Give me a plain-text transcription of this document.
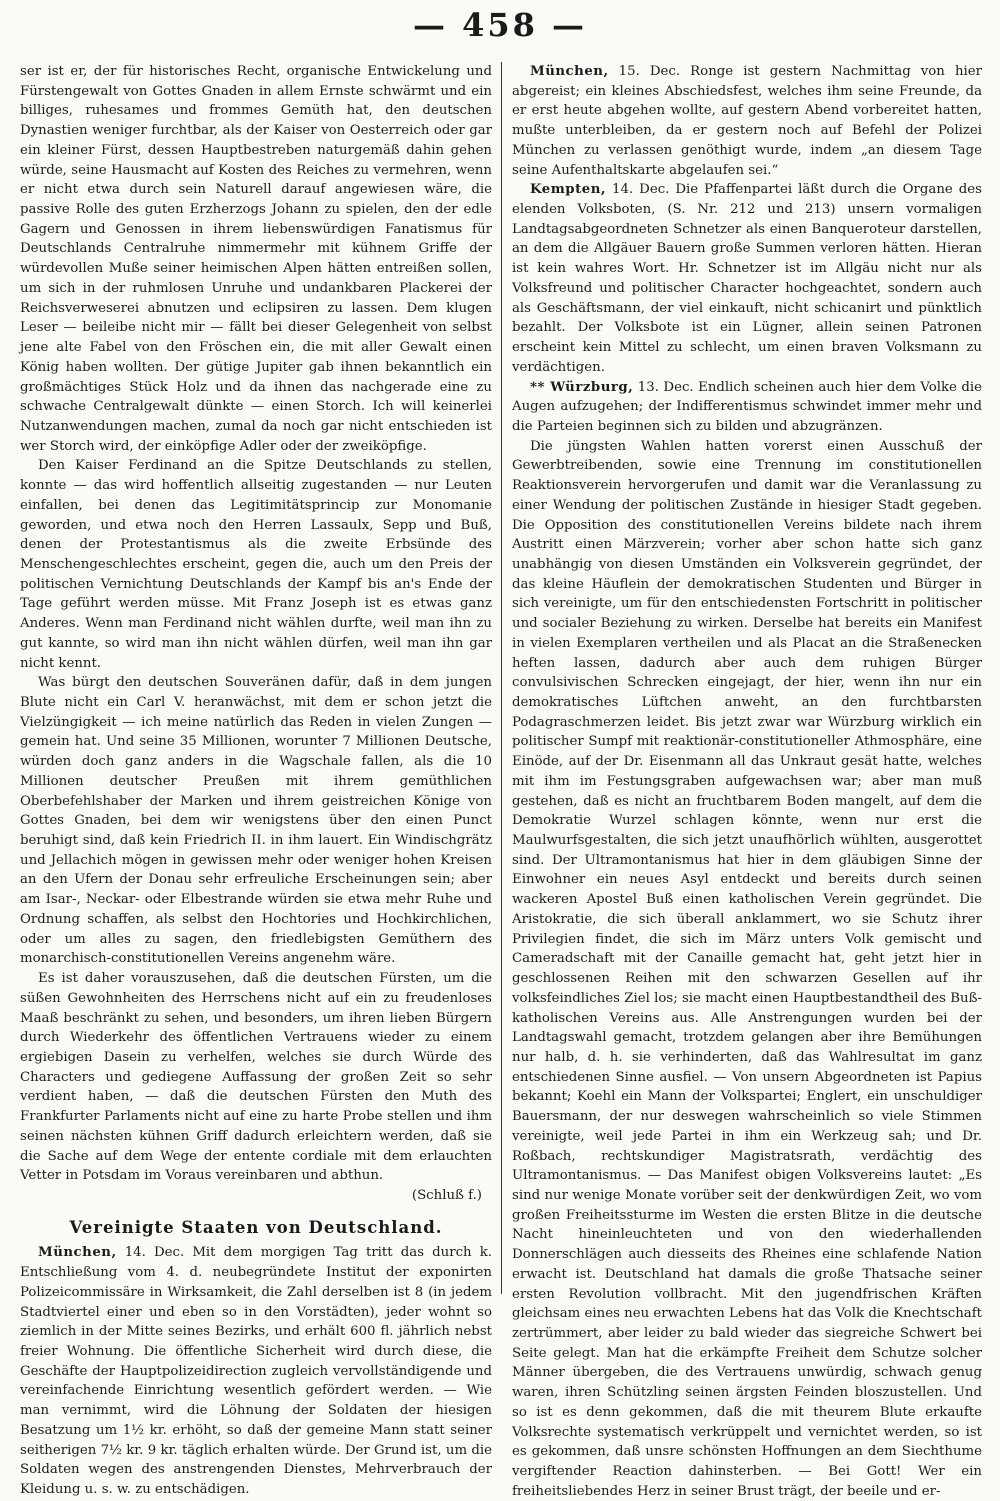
— 458 —

ser ist er, der für historisches Recht, organische Entwickelung und Fürstengewalt von Gottes Gnaden in allem Ernste schwärmt und ein billiges, ruhesames und frommes Gemüth hat, den deutschen Dynastien weniger furchtbar, als der Kaiser von Oesterreich oder gar ein kleiner Fürst, dessen Hauptbestreben naturgemäß dahin gehen würde, seine Hausmacht auf Kosten des Reiches zu vermehren, wenn er nicht etwa durch sein Naturell darauf angewiesen wäre, die passive Rolle des guten Erzherzogs Johann zu spielen, den der edle Gagern und Genossen in ihrem liebenswürdigen Fanatismus für Deutschlands Centralruhe nimmermehr mit kühnem Griffe der würdevollen Muße seiner heimischen Alpen hätten entreißen sollen, um sich in der ruhmlosen Unruhe und undankbaren Plackerei der Reichsverweserei abnutzen und eclipsiren zu lassen. Dem klugen Leser — beileibe nicht mir — fällt bei dieser Gelegenheit von selbst jene alte Fabel von den Fröschen ein, die mit aller Gewalt einen König haben wollten. Der gütige Jupiter gab ihnen bekanntlich ein großmächtiges Stück Holz und da ihnen das nachgerade eine zu schwache Centralgewalt dünkte — einen Storch. Ich will keinerlei Nutzanwendungen machen, zumal da noch gar nicht entschieden ist wer Storch wird, der einköpfige Adler oder der zweiköpfige.

Den Kaiser Ferdinand an die Spitze Deutschlands zu stellen, konnte — das wird hoffentlich allseitig zugestanden — nur Leuten einfallen, bei denen das Legitimitätsprincip zur Monomanie geworden, und etwa noch den Herren Lassaulx, Sepp und Buß, denen der Protestantismus als die zweite Erbsünde des Menschengeschlechtes erscheint, gegen die, auch um den Preis der politischen Vernichtung Deutschlands der Kampf bis an's Ende der Tage geführt werden müsse. Mit Franz Joseph ist es etwas ganz Anderes. Wenn man Ferdinand nicht wählen durfte, weil man ihn zu gut kannte, so wird man ihn nicht wählen dürfen, weil man ihn gar nicht kennt.

Was bürgt den deutschen Souveränen dafür, daß in dem jungen Blute nicht ein Carl V. heranwächst, mit dem er schon jetzt die Vielzüngigkeit — ich meine natürlich das Reden in vielen Zungen — gemein hat. Und seine 35 Millionen, worunter 7 Millionen Deutsche, würden doch ganz anders in die Wagschale fallen, als die 10 Millionen deutscher Preußen mit ihrem gemüthlichen Oberbefehlshaber der Marken und ihrem geistreichen Könige von Gottes Gnaden, bei dem wir wenigstens über den einen Punct beruhigt sind, daß kein Friedrich II. in ihm lauert. Ein Windischgrätz und Jellachich mögen in gewissen mehr oder weniger hohen Kreisen an den Ufern der Donau sehr erfreuliche Erscheinungen sein; aber am Isar-, Neckar- oder Elbestrande würden sie etwa mehr Ruhe und Ordnung schaffen, als selbst den Hochtories und Hochkirchlichen, oder um alles zu sagen, den friedlebigsten Gemüthern des monarchisch-constitutionellen Vereins angenehm wäre.

Es ist daher vorauszusehen, daß die deutschen Fürsten, um die süßen Gewohnheiten des Herrschens nicht auf ein zu freudenloses Maaß beschränkt zu sehen, und besonders, um ihren lieben Bürgern durch Wiederkehr des öffentlichen Vertrauens wieder zu einem ergiebigen Dasein zu verhelfen, welches sie durch Würde des Characters und gediegene Auffassung der großen Zeit so sehr verdient haben, — daß die deutschen Fürsten den Muth des Frankfurter Parlaments nicht auf eine zu harte Probe stellen und ihm seinen nächsten kühnen Griff dadurch erleichtern werden, daß sie die Sache auf dem Wege der entente cordiale mit dem erlauchten Vetter in Potsdam im Voraus vereinbaren und abthun.

(Schluß f.)

Vereinigte Staaten von Deutschland.

München, 14. Dec. Mit dem morgigen Tag tritt das durch k. Entschließung vom 4. d. neubegründete Institut der exponirten Polizeicommissäre in Wirksamkeit, die Zahl derselben ist 8 (in jedem Stadtviertel einer und eben so in den Vorstädten), jeder wohnt so ziemlich in der Mitte seines Bezirks, und erhält 600 fl. jährlich nebst freier Wohnung. Die öffentliche Sicherheit wird durch diese, die Geschäfte der Hauptpolizeidirection zugleich vervollständigende und vereinfachende Einrichtung wesentlich gefördert werden. — Wie man vernimmt, wird die Löhnung der Soldaten der hiesigen Besatzung um 1½ kr. erhöht, so daß der gemeine Mann statt seiner seitherigen 7½ kr. 9 kr. täglich erhalten würde. Der Grund ist, um die Soldaten wegen des anstrengenden Dienstes, Mehrverbrauch der Kleidung u. s. w. zu entschädigen.

München, 15. Dec. Ronge ist gestern Nachmittag von hier abgereist; ein kleines Abschiedsfest, welches ihm seine Freunde, da er erst heute abgehen wollte, auf gestern Abend vorbereitet hatten, mußte unterbleiben, da er gestern noch auf Befehl der Polizei München zu verlassen genöthigt wurde, indem „an diesem Tage seine Aufenthaltskarte abgelaufen sei.“

Kempten, 14. Dec. Die Pfaffenpartei läßt durch die Organe des elenden Volksboten, (S. Nr. 212 und 213) unsern vormaligen Landtagsabgeordneten Schnetzer als einen Banqueroteur darstellen, an dem die Allgäuer Bauern große Summen verloren hätten. Hieran ist kein wahres Wort. Hr. Schnetzer ist im Allgäu nicht nur als Volksfreund und politischer Character hochgeachtet, sondern auch als Geschäftsmann, der viel einkauft, nicht schicanirt und pünktlich bezahlt. Der Volksbote ist ein Lügner, allein seinen Patronen erscheint kein Mittel zu schlecht, um einen braven Volksmann zu verdächtigen.

** Würzburg, 13. Dec. Endlich scheinen auch hier dem Volke die Augen aufzugehen; der Indifferentismus schwindet immer mehr und die Parteien beginnen sich zu bilden und abzugränzen.

Die jüngsten Wahlen hatten vorerst einen Ausschuß der Gewerbtreibenden, sowie eine Trennung im constitutionellen Reaktionsverein hervorgerufen und damit war die Veranlassung zu einer Wendung der politischen Zustände in hiesiger Stadt gegeben. Die Opposition des constitutionellen Vereins bildete nach ihrem Austritt einen Märzverein; vorher aber schon hatte sich ganz unabhängig von diesen Umständen ein Volksverein gegründet, der das kleine Häuflein der demokratischen Studenten und Bürger in sich vereinigte, um für den entschiedensten Fortschritt in politischer und socialer Beziehung zu wirken. Derselbe hat bereits ein Manifest in vielen Exemplaren vertheilen und als Placat an die Straßenecken heften lassen, dadurch aber auch dem ruhigen Bürger convulsivischen Schrecken eingejagt, der hier, wenn ihn nur ein demokratisches Lüftchen anweht, an den furchtbarsten Podagraschmerzen leidet. Bis jetzt zwar war Würzburg wirklich ein politischer Sumpf mit reaktionär-constitutioneller Athmosphäre, eine Einöde, auf der Dr. Eisenmann all das Unkraut gesät hatte, welches mit ihm im Festungsgraben aufgewachsen war; aber man muß gestehen, daß es nicht an fruchtbarem Boden mangelt, auf dem die Demokratie Wurzel schlagen könnte, wenn nur erst die Maulwurfsgestalten, die sich jetzt unaufhörlich wühlten, ausgerottet sind. Der Ultramontanismus hat hier in dem gläubigen Sinne der Einwohner ein neues Asyl entdeckt und bereits durch seinen wackeren Apostel Buß einen katholischen Verein gegründet. Die Aristokratie, die sich überall anklammert, wo sie Schutz ihrer Privilegien findet, die sich im März unters Volk gemischt und Cameradschaft mit der Canaille gemacht hat, geht jetzt hier in geschlossenen Reihen mit den schwarzen Gesellen auf ihr volksfeindliches Ziel los; sie macht einen Hauptbestandtheil des Buß-katholischen Vereins aus. Alle Anstrengungen wurden bei der Landtagswahl gemacht, trotzdem gelangen aber ihre Bemühungen nur halb, d. h. sie verhinderten, daß das Wahlresultat im ganz entschiedenen Sinne ausfiel. — Von unsern Abgeordneten ist Papius bekannt; Koehl ein Mann der Volkspartei; Englert, ein unschuldiger Bauersmann, der nur deswegen wahrscheinlich so viele Stimmen vereinigte, weil jede Partei in ihm ein Werkzeug sah; und Dr. Roßbach, rechtskundiger Magistratsrath, verdächtig des Ultramontanismus. — Das Manifest obigen Volksvereins lautet: „Es sind nur wenige Monate vorüber seit der denkwürdigen Zeit, wo vom großen Freiheitssturme im Westen die ersten Blitze in die deutsche Nacht hineinleuchteten und von den wiederhallenden Donnerschlägen auch diesseits des Rheines eine schlafende Nation erwacht ist. Deutschland hat damals die große Thatsache seiner ersten Revolution vollbracht. Mit den jugendfrischen Kräften gleichsam eines neu erwachten Lebens hat das Volk die Knechtschaft zertrümmert, aber leider zu bald wieder das siegreiche Schwert bei Seite gelegt. Man hat die erkämpfte Freiheit dem Schutze solcher Männer übergeben, die des Vertrauens unwürdig, schwach genug waren, ihren Schützling seinen ärgsten Feinden bloszustellen. Und so ist es denn gekommen, daß die mit theurem Blute erkaufte Volksrechte systematisch verkrüppelt und vernichtet werden, so ist es gekommen, daß unsre schönsten Hoffnungen an dem Siechthume vergiftender Reaction dahinsterben. — Bei Gott! Wer ein freiheitsliebendes Herz in seiner Brust trägt, der beeile und er-
